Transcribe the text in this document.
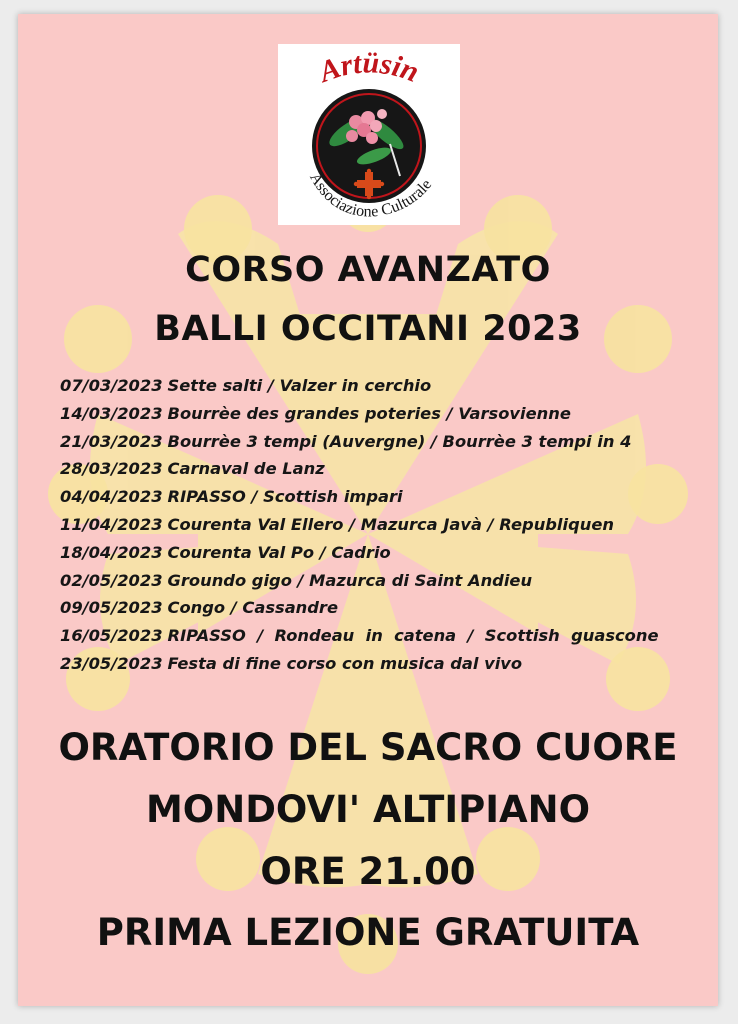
Artüsin
Associazione Culturale
CORSO AVANZATO
BALLI OCCITANI 2023
07/03/2023 Sette salti / Valzer in cerchio
14/03/2023 Bourrèe des grandes poteries / Varsovienne
21/03/2023 Bourrèe 3 tempi (Auvergne) / Bourrèe 3 tempi in 4
28/03/2023 Carnaval de Lanz
04/04/2023 RIPASSO / Scottish impari
11/04/2023 Courenta Val Ellero / Mazurca Javà / Republiquen
18/04/2023 Courenta Val Po / Cadrio
02/05/2023 Groundo gigo / Mazurca di Saint Andieu
09/05/2023 Congo / Cassandre
16/05/2023 RIPASSO  /  Rondeau  in  catena  /  Scottish  guascone
23/05/2023 Festa di fine corso con musica dal vivo
ORATORIO DEL SACRO CUORE
MONDOVI' ALTIPIANO
ORE 21.00
PRIMA LEZIONE GRATUITA
